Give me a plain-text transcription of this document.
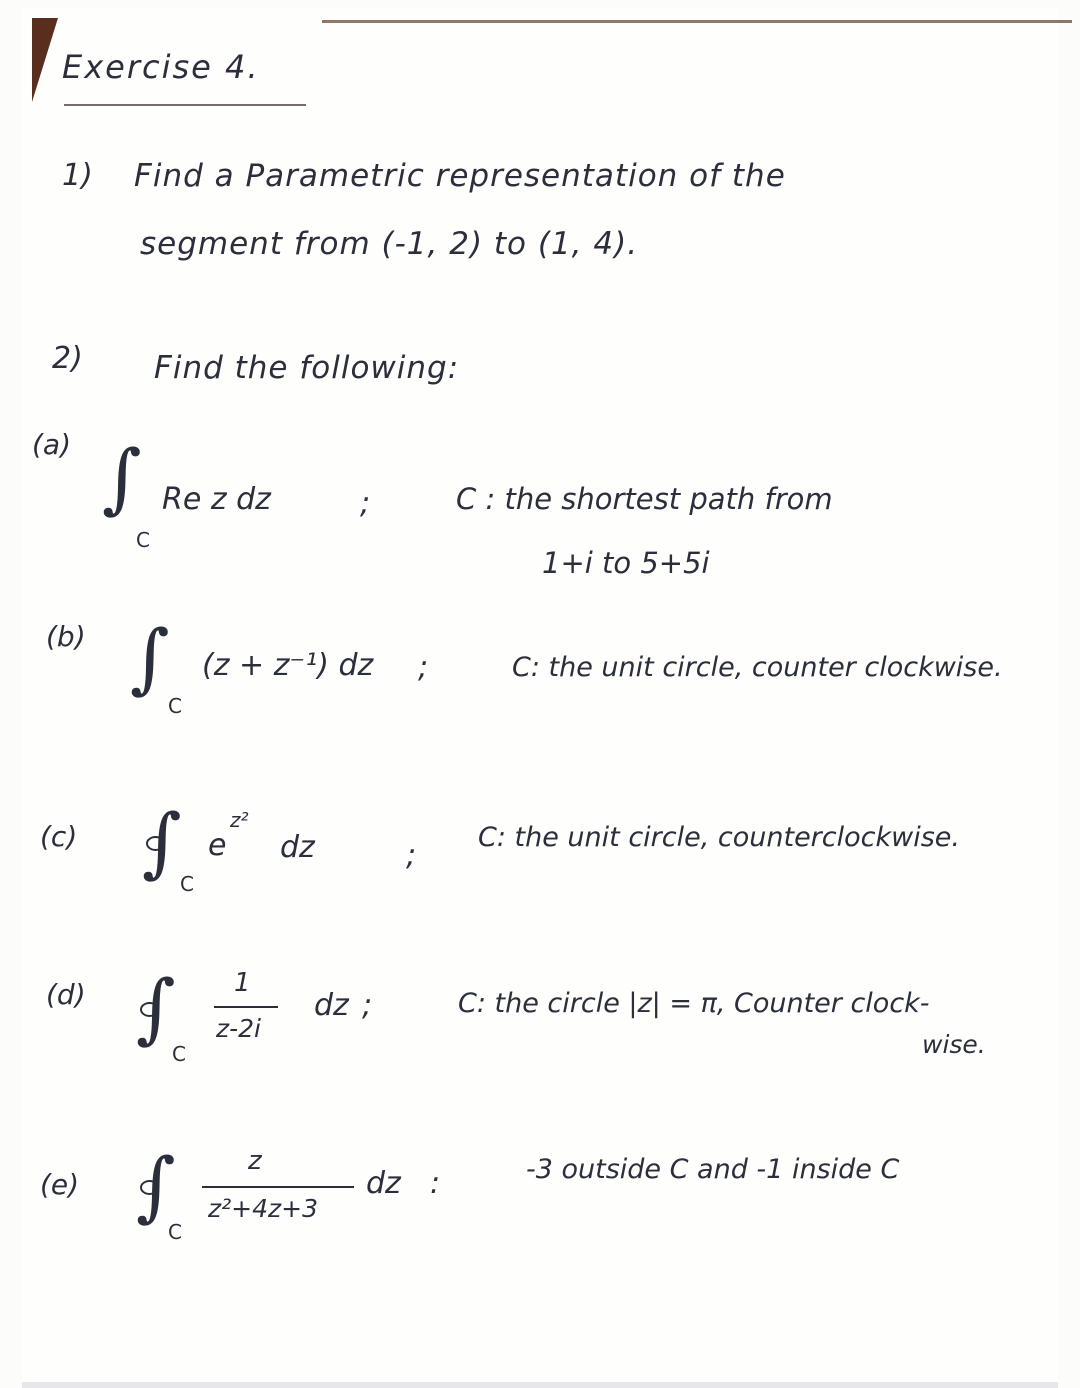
Exercise 4.
1) Find a Parametric representation of the
segment from (-1, 2) to (1, 4).
2) Find the following:
(a) ∫
C
Re z dz	;	C : the shortest path from
1+i to 5+5i
(b) ∫
C
(z + z⁻¹) dz ;	C: the unit circle, counter clockwise.
(c) ∫
C
e
z²
dz	;
C: the unit circle, counterclockwise.
(d) ∫
C
1
z-2i
dz ;	C: the circle |z| = π, Counter clock-
wise.
(e) ∫
C
z
z²+4z+3
dz :	-3 outside C and -1 inside C
